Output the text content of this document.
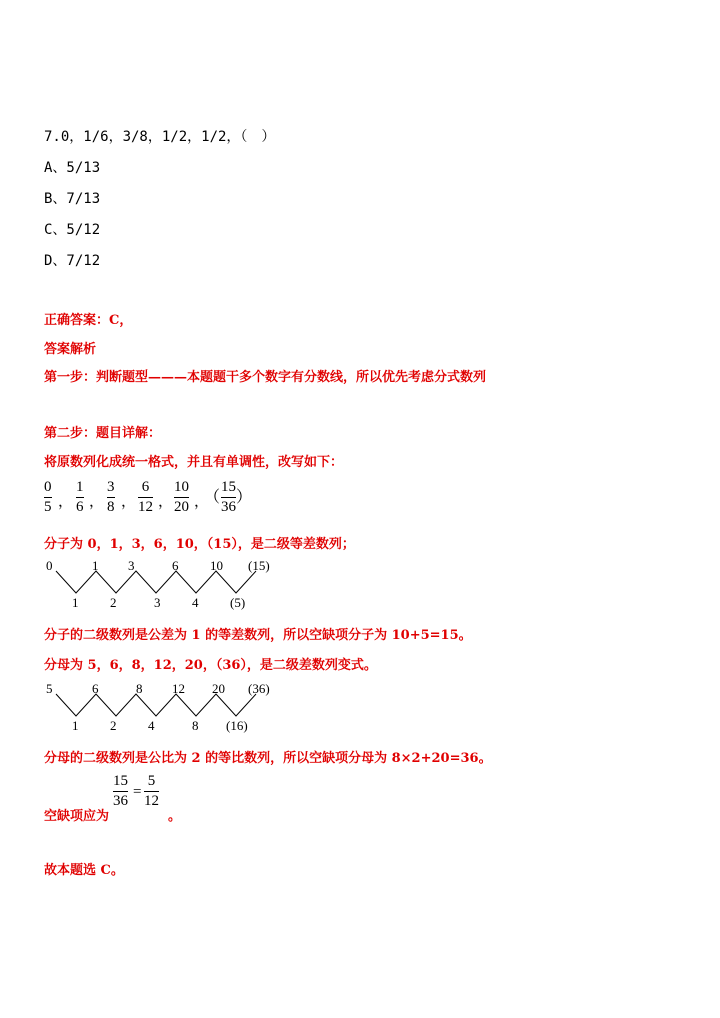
7.0，1/6，3/8，1/2，1/2，（　）
A、5/13
B、7/13
C、5/12
D、7/12
正确答案：C，
答案解析
第一步：判断题型———本题题干多个数字有分数线，所以优先考虑分式数列
第二步：题目详解：
将原数列化成统一格式，并且有单调性，改写如下：
0
5 ，
1
6 ，
3
8 ，
6
12 ，
10
20 ，
（
15
36
）
分子为 0，1，3，6，10，（15），是二级等差数列；
0	1 3	6 10 (15)
1 2	3 4 (5)
分子的二级数列是公差为 1 的等差数列，所以空缺项分子为 10+5=15。
分母为 5，6，8，12，20，（36），是二级差数列变式。
5	6	8 12 20 (36)
1 2 4	8 (16)
分母的二级数列是公比为 2 的等比数列，所以空缺项分母为 8×2+20=36。
空缺项应为
15
36
=
5
12
。
故本题选 C。
